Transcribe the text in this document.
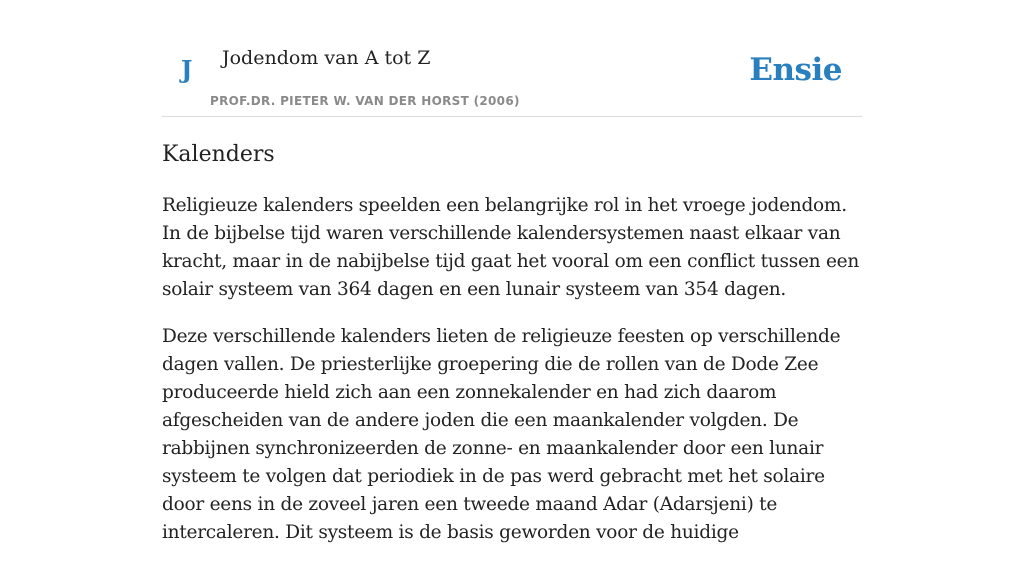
J Jodendom van A tot Z
PROF.DR. PIETER W. VAN DER HORST (2006)
Ensie
Kalenders

Religieuze kalenders speelden een belangrijke rol in het vroege jodendom. In de bijbelse tijd waren verschillende kalendersystemen naast elkaar van kracht, maar in de nabijbelse tijd gaat het vooral om een conflict tussen een solair systeem van 364 dagen en een lunair systeem van 354 dagen.

Deze verschillende kalenders lieten de religieuze feesten op verschillende dagen vallen. De priesterlijke groepering die de rollen van de Dode Zee produceerde hield zich aan een zonnekalender en had zich daarom afgescheiden van de andere joden die een maankalender volgden. De rabbijnen synchronizeerden de zonne- en maankalender door een lunair systeem te volgen dat periodiek in de pas werd gebracht met het solaire door eens in de zoveel jaren een tweede maand Adar (Adarsjeni) te intercaleren. Dit systeem is de basis geworden voor de huidige
